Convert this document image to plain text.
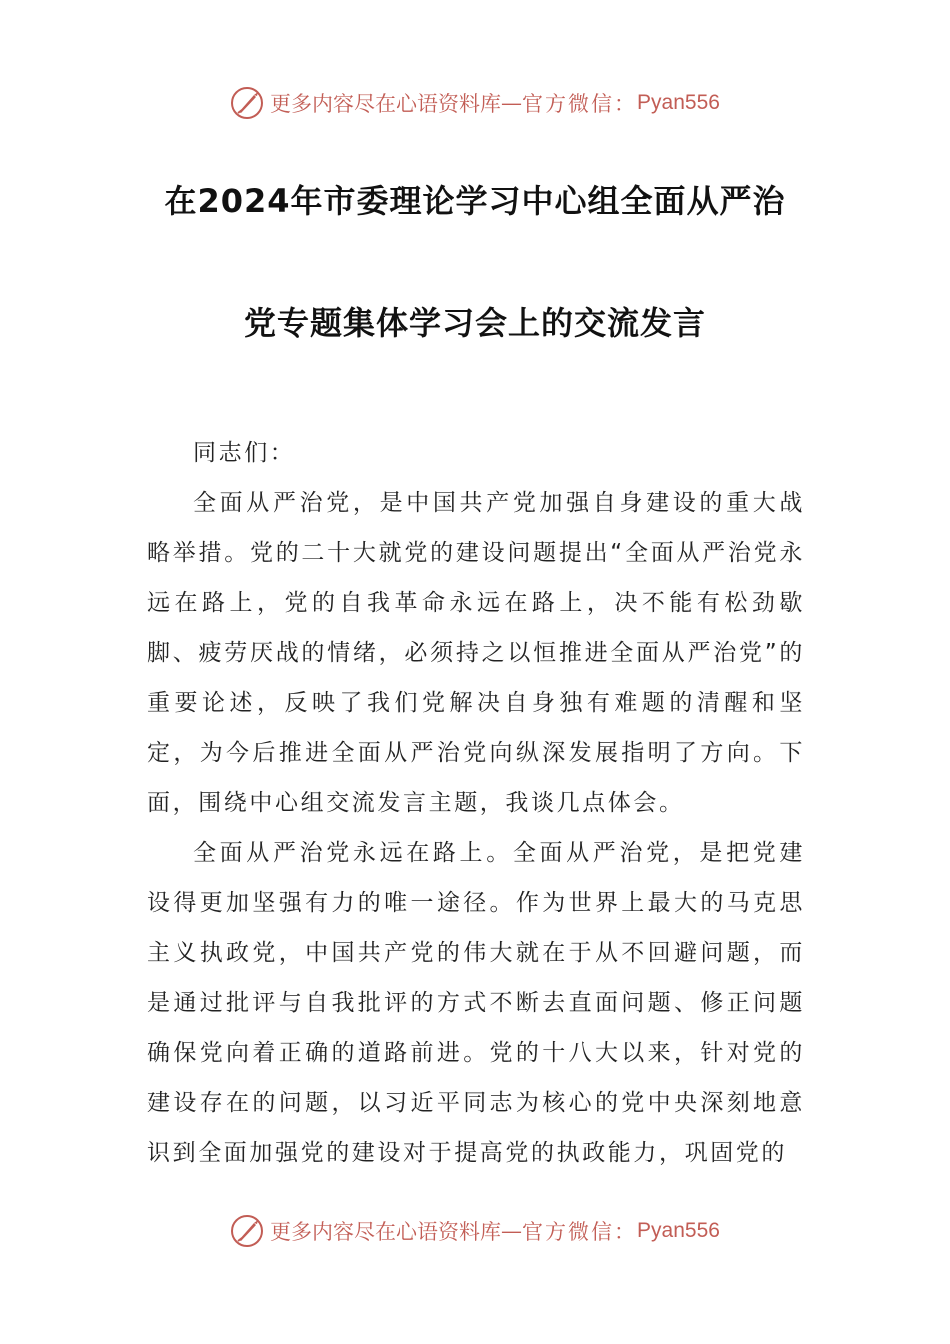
更多内容尽在心语资料库 — 官方微信： Pyan556
在2024年市委理论学习中心组全面从严治
党专题集体学习会上的交流发言

同志们：

全面从严治党，是中国共产党加强自身建设的重大战略举措。党的二十大就党的建设问题提出“全面从严治党永远在路上，党的自我革命永远在路上，决不能有松劲歇脚、疲劳厌战的情绪，必须持之以恒推进全面从严治党”的重要论述，反映了我们党解决自身独有难题的清醒和坚定，为今后推进全面从严治党向纵深发展指明了方向。下面，围绕中心组交流发言主题，我谈几点体会。

全面从严治党永远在路上。全面从严治党，是把党建设得更加坚强有力的唯一途径。作为世界上最大的马克思主义执政党，中国共产党的伟大就在于从不回避问题，而是通过批评与自我批评的方式不断去直面问题、修正问题确保党向着正确的道路前进。党的十八大以来，针对党的建设存在的问题，以习近平同志为核心的党中央深刻地意识到全面加强党的建设对于提高党的执政能力，巩固党的

更多内容尽在心语资料库 — 官方微信： Pyan556
